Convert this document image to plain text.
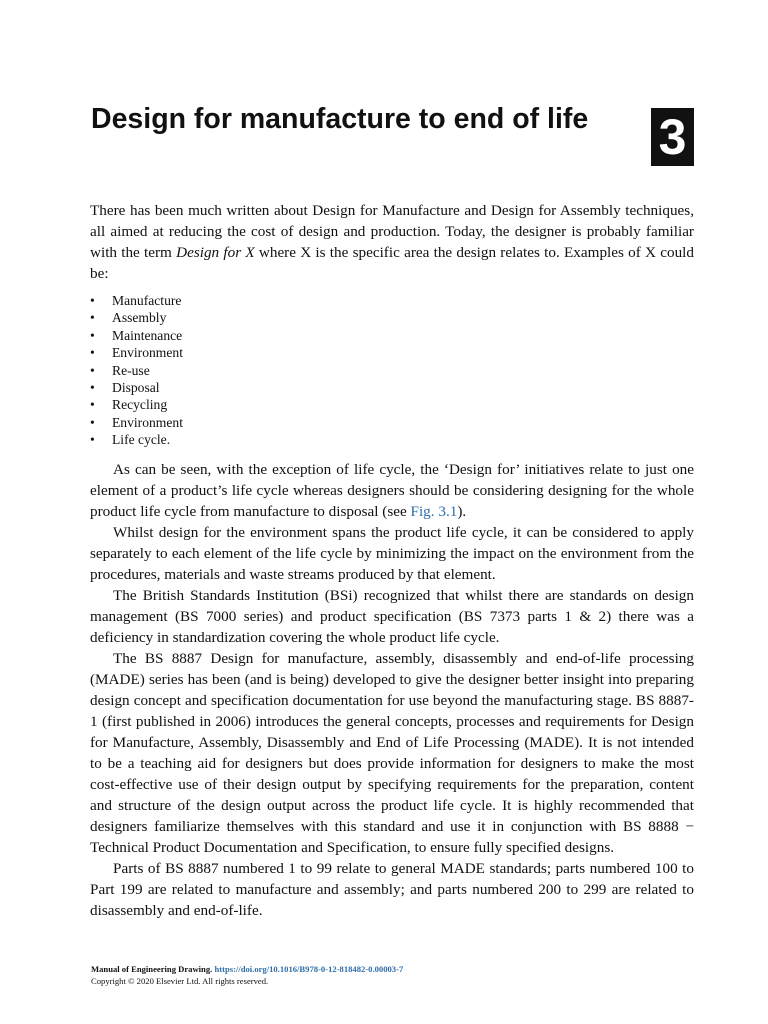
Design for manufacture to end of life	3

There has been much written about Design for Manufacture and Design for Assembly techniques, all aimed at reducing the cost of design and production. Today, the designer is probably familiar with the term Design for X where X is the specific area the design relates to. Examples of X could be:

• Manufacture
• Assembly
• Maintenance
• Environment
• Re-use
• Disposal
• Recycling
• Environment
• Life cycle.

As can be seen, with the exception of life cycle, the ‘Design for’ initiatives relate to just one element of a product’s life cycle whereas designers should be considering designing for the whole product life cycle from manufacture to disposal (see Fig. 3.1).

Whilst design for the environment spans the product life cycle, it can be considered to apply separately to each element of the life cycle by minimizing the impact on the environment from the procedures, materials and waste streams produced by that element.

The British Standards Institution (BSi) recognized that whilst there are standards on design management (BS 7000 series) and product specification (BS 7373 parts 1 & 2) there was a deficiency in standardization covering the whole product life cycle.

The BS 8887 Design for manufacture, assembly, disassembly and end-of-life processing (MADE) series has been (and is being) developed to give the designer better insight into preparing design concept and specification documentation for use beyond the manufacturing stage. BS 8887-1 (first published in 2006) introduces the general concepts, processes and requirements for Design for Manufacture, Assembly, Disassembly and End of Life Processing (MADE). It is not intended to be a teaching aid for designers but does provide information for designers to make the most cost-effective use of their design output by specifying requirements for the preparation, content and structure of the design output across the product life cycle. It is highly recommended that designers familiarize themselves with this standard and use it in conjunction with BS 8888 − Technical Product Documentation and Specification, to ensure fully specified designs.

Parts of BS 8887 numbered 1 to 99 relate to general MADE standards; parts numbered 100 to Part 199 are related to manufacture and assembly; and parts numbered 200 to 299 are related to disassembly and end-of-life.

Manual of Engineering Drawing. https://doi.org/10.1016/B978-0-12-818482-0.00003-7
Copyright © 2020 Elsevier Ltd. All rights reserved.
